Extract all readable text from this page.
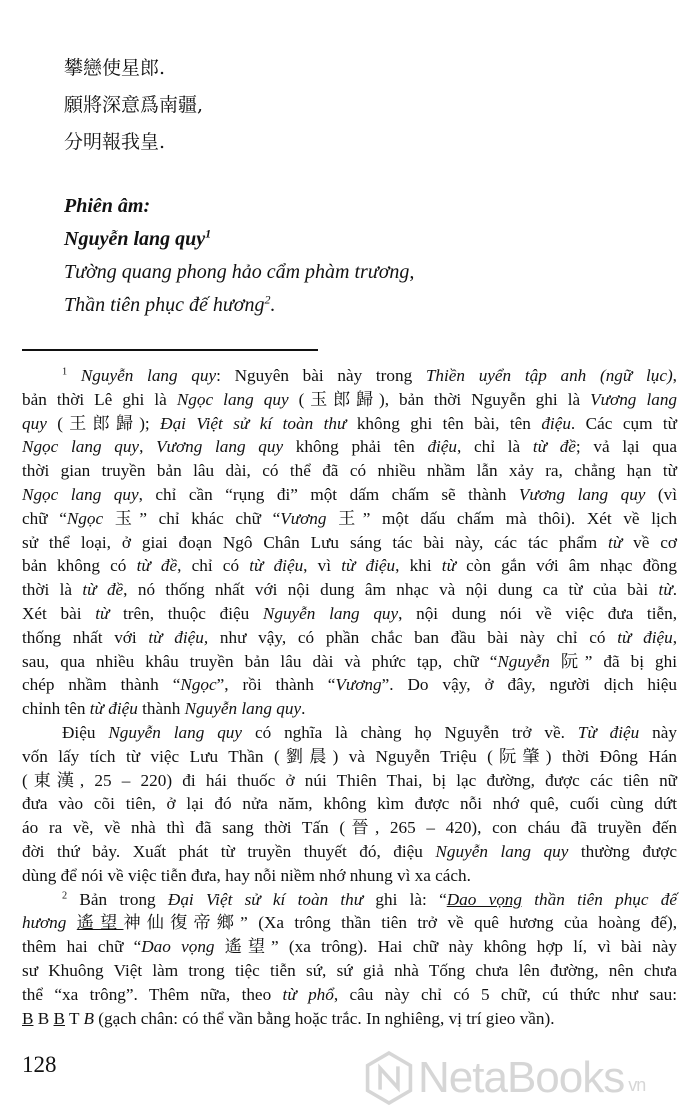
攀戀使星郎.
願將深意爲南疆,
分明報我皇.
Phiên âm:
Nguyễn lang quy$^1$
Tường quang phong hảo cẩm phàm trương,
Thần tiên phục đế hương$^2$.
$^1$ Nguyễn lang quy: Nguyên bài này trong Thiền uyển tập anh (ngữ lục),
bản thời Lê ghi là Ngọc lang quy (玉郎歸), bản thời Nguyễn ghi là Vương lang
quy (王郎歸); Đại Việt sử kí toàn thư không ghi tên bài, tên điệu. Các cụm từ
Ngọc lang quy, Vương lang quy không phải tên điệu, chỉ là từ đề; vả lại qua
thời gian truyền bản lâu dài, có thể đã có nhiều nhầm lẫn xảy ra, chẳng hạn từ
Ngọc lang quy, chỉ cần “rụng đi” một dấm chấm sẽ thành Vương lang quy (vì
chữ “Ngọc 玉” chỉ khác chữ “Vương 王” một dấu chấm mà thôi). Xét về lịch
sử thể loại, ở giai đoạn Ngô Chân Lưu sáng tác bài này, các tác phẩm từ về cơ
bản không có từ đề, chỉ có từ điệu, vì từ điệu, khi từ còn gắn với âm nhạc đồng
thời là từ đề, nó thống nhất với nội dung âm nhạc và nội dung ca từ của bài từ.
Xét bài từ trên, thuộc điệu Nguyễn lang quy, nội dung nói về việc đưa tiễn,
thống nhất với từ điệu, như vậy, có phần chắc ban đầu bài này chỉ có từ điệu,
sau, qua nhiều khâu truyền bản lâu dài và phức tạp, chữ “Nguyễn 阮” đã bị ghi
chép nhầm thành “Ngọc”, rồi thành “Vương”. Do vậy, ở đây, người dịch hiệu
chỉnh tên từ điệu thành Nguyễn lang quy.
Điệu Nguyễn lang quy có nghĩa là chàng họ Nguyễn trở về. Từ điệu này
vốn lấy tích từ việc Lưu Thần (劉晨) và Nguyễn Triệu (阮肇) thời Đông Hán
(東漢, 25 – 220) đi hái thuốc ở núi Thiên Thai, bị lạc đường, được các tiên nữ
đưa vào cõi tiên, ở lại đó nửa năm, không kìm được nỗi nhớ quê, cuối cùng dứt
áo ra về, về nhà thì đã sang thời Tấn (晉, 265 – 420), con cháu đã truyền đến
đời thứ bảy. Xuất phát từ truyền thuyết đó, điệu Nguyễn lang quy thường được
dùng để nói về việc tiễn đưa, hay nỗi niềm nhớ nhung vì xa cách.
$^2$ Bản trong Đại Việt sử kí toàn thư ghi là: “Dao vọng thần tiên phục đế
hương 遙望神仙復帝鄉” (Xa trông thần tiên trở về quê hương của hoàng đế),
thêm hai chữ “Dao vọng 遙望” (xa trông). Hai chữ này không hợp lí, vì bài này
sư Khuông Việt làm trong tiệc tiễn sứ, sứ giả nhà Tống chưa lên đường, nên chưa
thể “xa trông”. Thêm nữa, theo từ phổ, câu này chỉ có 5 chữ, cú thức như sau:
B B B T B (gạch chân: có thể vần bằng hoặc trắc. In nghiêng, vị trí gieo vần).
128	NetaBooks vn
